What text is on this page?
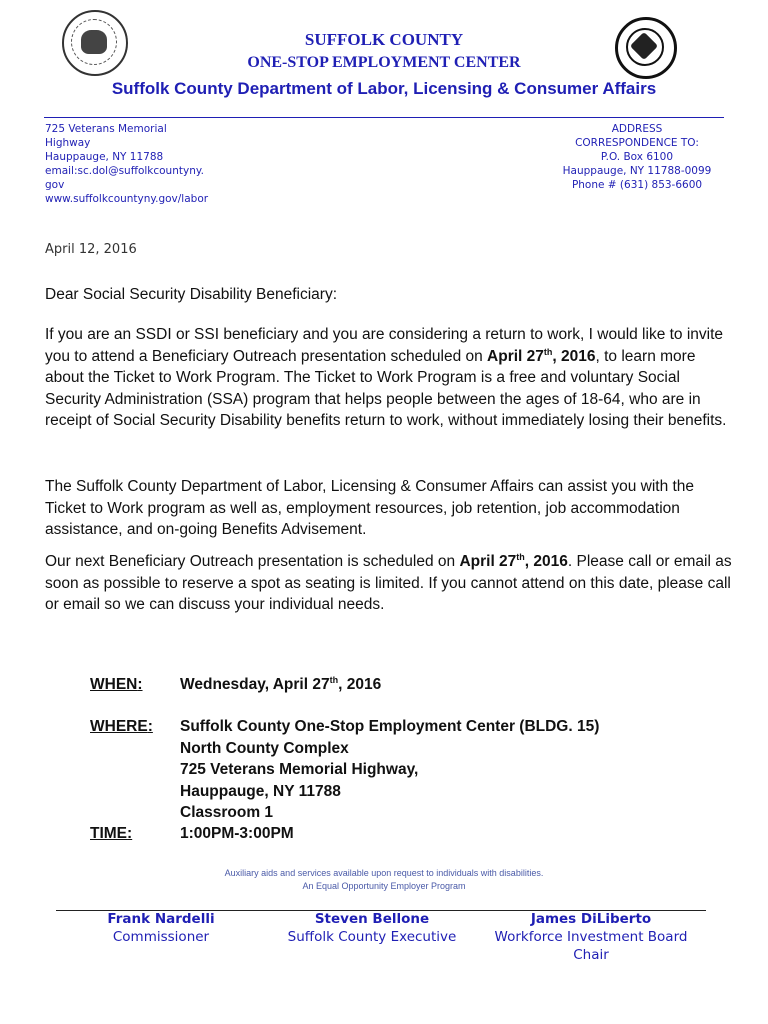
SUFFOLK COUNTY
ONE-STOP EMPLOYMENT CENTER
Suffolk County Department of Labor, Licensing & Consumer Affairs
725 Veterans Memorial Highway
Hauppauge, NY 11788
email:sc.dol@suffolkcountyny.gov
www.suffolkcountyny.gov/labor
ADDRESS CORRESPONDENCE TO:
P.O. Box 6100
Hauppauge, NY 11788-0099
Phone # (631) 853-6600
April 12, 2016
Dear Social Security Disability Beneficiary:
If you are an SSDI or SSI beneficiary and you are considering a return to work, I would like to invite you to attend a Beneficiary Outreach presentation scheduled on April 27th, 2016, to learn more about the Ticket to Work Program. The Ticket to Work Program is a free and voluntary Social Security Administration (SSA) program that helps people between the ages of 18-64, who are in receipt of Social Security Disability benefits return to work, without immediately losing their benefits.
The Suffolk County Department of Labor, Licensing & Consumer Affairs can assist you with the Ticket to Work program as well as, employment resources, job retention, job accommodation assistance, and on-going Benefits Advisement.
Our next Beneficiary Outreach presentation is scheduled on April 27th, 2016. Please call or email as soon as possible to reserve a spot as seating is limited. If you cannot attend on this date, please call or email so we can discuss your individual needs.
WHEN: Wednesday, April 27th, 2016
WHERE: Suffolk County One-Stop Employment Center (BLDG. 15)
North County Complex
725 Veterans Memorial Highway,
Hauppauge, NY 11788
Classroom 1
TIME:	1:00PM-3:00PM
Auxiliary aids and services available upon request to individuals with disabilities.
An Equal Opportunity Employer Program
Frank Nardelli
Commissioner
Steven Bellone
Suffolk County Executive
James DiLiberto
Workforce Investment Board Chair
